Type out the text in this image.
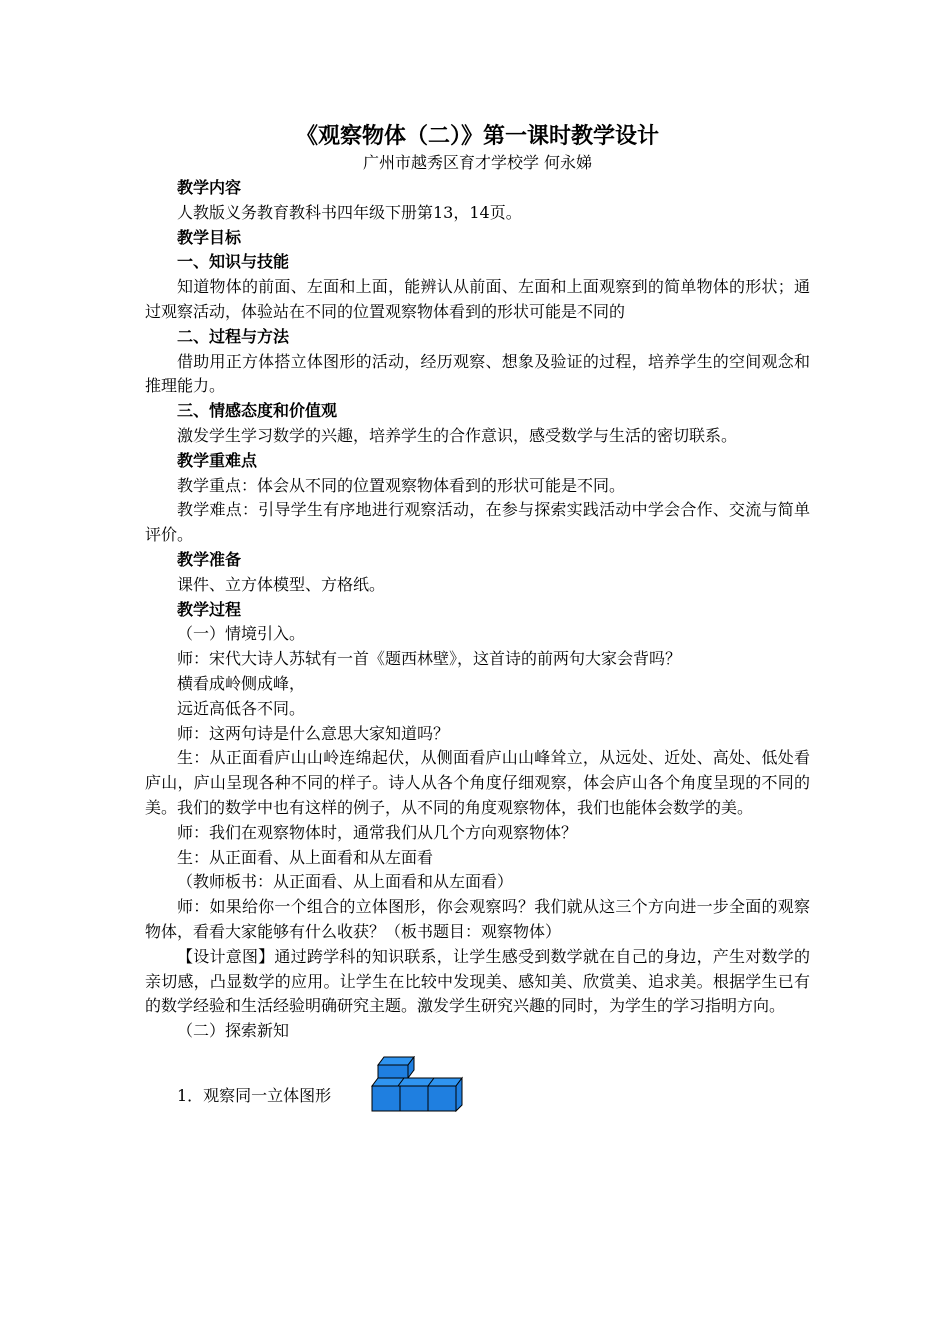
《观察物体（二）》第一课时教学设计

广州市越秀区育才学校学 何永娣

教学内容

人教版义务教育教科书四年级下册第13，14页。

教学目标

一、知识与技能

知道物体的前面、左面和上面，能辨认从前面、左面和上面观察到的简单物体的形状；通过观察活动，体验站在不同的位置观察物体看到的形状可能是不同的

二、过程与方法

借助用正方体搭立体图形的活动，经历观察、想象及验证的过程，培养学生的空间观念和推理能力。

三、情感态度和价值观

激发学生学习数学的兴趣，培养学生的合作意识，感受数学与生活的密切联系。

教学重难点

教学重点：体会从不同的位置观察物体看到的形状可能是不同。

教学难点：引导学生有序地进行观察活动，在参与探索实践活动中学会合作、交流与简单评价。

教学准备

课件、立方体模型、方格纸。

教学过程

（一）情境引入。

师：宋代大诗人苏轼有一首《题西林壁》，这首诗的前两句大家会背吗？

横看成岭侧成峰，

远近高低各不同。

师：这两句诗是什么意思大家知道吗？

生：从正面看庐山山岭连绵起伏，从侧面看庐山山峰耸立，从远处、近处、高处、低处看庐山，庐山呈现各种不同的样子。诗人从各个角度仔细观察，体会庐山各个角度呈现的不同的美。我们的数学中也有这样的例子，从不同的角度观察物体，我们也能体会数学的美。

师：我们在观察物体时，通常我们从几个方向观察物体？

生：从正面看、从上面看和从左面看

（教师板书：从正面看、从上面看和从左面看）

师：如果给你一个组合的立体图形，你会观察吗？我们就从这三个方向进一步全面的观察物体，看看大家能够有什么收获？（板书题目：观察物体）

【设计意图】通过跨学科的知识联系，让学生感受到数学就在自己的身边，产生对数学的亲切感，凸显数学的应用。让学生在比较中发现美、感知美、欣赏美、追求美。根据学生已有的数学经验和生活经验明确研究主题。激发学生研究兴趣的同时，为学生的学习指明方向。

（二）探索新知

1．观察同一立体图形
